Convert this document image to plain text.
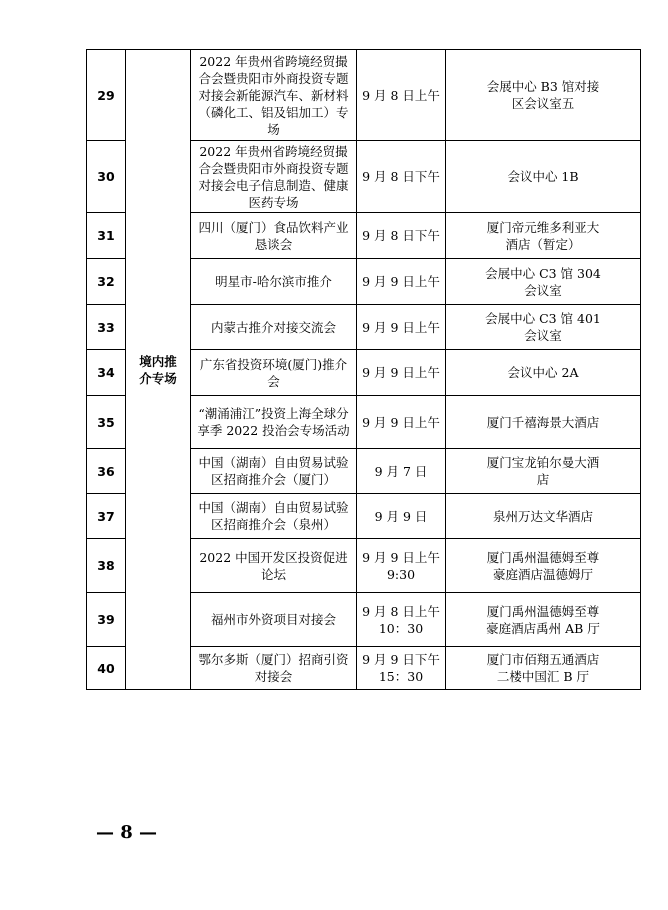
29	境内推介专场	2022 年贵州省跨境经贸撮合会暨贵阳市外商投资专题对接会新能源汽车、新材料（磷化工、铝及铝加工）专场	9 月 8 日上午	会展中心 B3 馆对接区会议室五

30		2022 年贵州省跨境经贸撮合会暨贵阳市外商投资专题对接会电子信息制造、健康医药专场	9 月 8 日下午	会议中心 1B
31		四川（厦门）食品饮料产业恳谈会	9 月 8 日下午	厦门帝元维多利亚大酒店（暂定）

32		明星市-哈尔滨市推介	9 月 9 日上午	会展中心 C3 馆 304 会议室

33		内蒙古推介对接交流会	9 月 9 日上午	会展中心 C3 馆 401 会议室

34		广东省投资环境(厦门)推介会	9 月 9 日上午	会议中心 2A
35		“潮涌浦江”投资上海全球分享季 2022 投治会专场活动	9 月 9 日上午	厦门千禧海景大酒店

36		中国（湖南）自由贸易试验区招商推介会（厦门）	9 月 7 日	厦门宝龙铂尔曼大酒店

37		中国（湖南）自由贸易试验区招商推介会（泉州）	9 月 9 日	泉州万达文华酒店
38		2022 中国开发区投资促进论坛	9 月 9 日上午 9:30	厦门禹州温德姆至尊豪庭酒店温德姆厅

39		福州市外资项目对接会	9 月 8 日上午 10：30	厦门禹州温德姆至尊豪庭酒店禹州 AB 厅

40		鄂尔多斯（厦门）招商引资对接会	9 月 9 日下午 15：30	厦门市佰翔五通酒店二楼中国汇 B 厅
— 8 —
